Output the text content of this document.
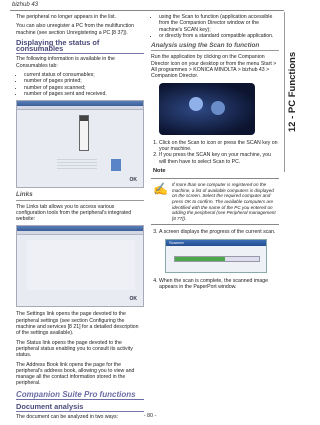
bizhub 43
12 - PC Functions

The peripheral no longer appears in the list.

You can also unregister a PC from the multifunction machine (see section Unregistering a PC [8 37]).

Displaying the status of consumables

The following information is available in the Consumables tab:

• current status of consumables;
• number of pages printed;
• number of pages scanned;
• number of pages sent and received.
OK
Links

The Links tab allows you to access various configuration tools from the peripheral's integrated website:

OK

The Settings link opens the page devoted to the peripheral settings (see section Configuring the machine and services [8 21] for a detailed description of the settings available).

The Status link opens the page devoted to the peripheral status enabling you to consult its activity status.

The Address Book link opens the page for the peripheral's address book, allowing you to view and manage all the contact information stored in the peripheral.

Companion Suite Pro functions
Document analysis

The document can be analyzed in two ways:

• using the Scan to function (application accessible from the Companion Director window or the machine's SCAN key);
• or directly from a standard compatible application.
Analysis using the Scan to function

Run the application by clicking on the Companion Director icon on your desktop or from the menu Start > All programmes > KONICA MINOLTA > bizhub 43 > Companion Director.

1. Click on the Scan to icon or press the SCAN key on your machine.
2. If you press the SCAN key on your machine, you will then have to select Scan to PC.
Note
✍ If more than one computer is registered on the machine, a list of available computers is displayed on the screen. Select the required computer and press OK to confirm. The available computers are identified with the name of the PC you entered on adding the peripheral (see Peripheral management [8 77]).
3. A screen displays the progress of the current scan.
Scanner
4. When the scan is complete, the scanned image appears in the PaperPort window.
- 80 -
